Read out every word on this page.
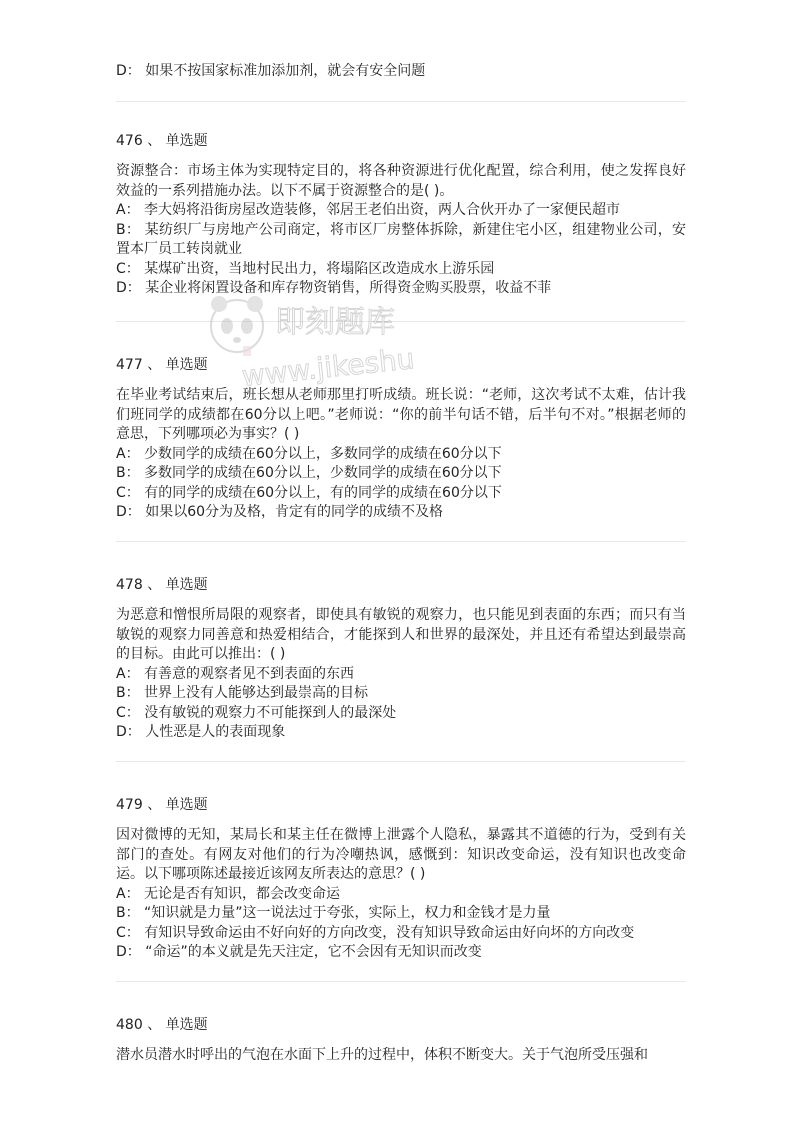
D： 如果不按国家标准加添加剂，就会有安全问题
476 、 单选题

资源整合：市场主体为实现特定目的，将各种资源进行优化配置，综合利用，使之发挥良好效益的一系列措施办法。以下不属于资源整合的是( )。

A： 李大妈将沿街房屋改造装修，邻居王老伯出资，两人合伙开办了一家便民超市

B： 某纺织厂与房地产公司商定，将市区厂房整体拆除，新建住宅小区，组建物业公司，安置本厂员工转岗就业

C： 某煤矿出资，当地村民出力，将塌陷区改造成水上游乐园

D： 某企业将闲置设备和库存物资销售，所得资金购买股票，收益不菲

477 、 单选题

在毕业考试结束后，班长想从老师那里打听成绩。班长说：“老师，这次考试不太难，估计我们班同学的成绩都在60分以上吧。”老师说：“你的前半句话不错，后半句不对。”根据老师的意思，下列哪项必为事实？( )

A： 少数同学的成绩在60分以上，多数同学的成绩在60分以下

B： 多数同学的成绩在60分以上，少数同学的成绩在60分以下

C： 有的同学的成绩在60分以上，有的同学的成绩在60分以下

D： 如果以60分为及格，肯定有的同学的成绩不及格

478 、 单选题

为恶意和憎恨所局限的观察者，即使具有敏锐的观察力，也只能见到表面的东西；而只有当敏锐的观察力同善意和热爱相结合，才能探到人和世界的最深处，并且还有希望达到最崇高的目标。由此可以推出：( )

A： 有善意的观察者见不到表面的东西

B： 世界上没有人能够达到最崇高的目标

C： 没有敏锐的观察力不可能探到人的最深处

D： 人性恶是人的表面现象

479 、 单选题

因对微博的无知，某局长和某主任在微博上泄露个人隐私，暴露其不道德的行为，受到有关部门的查处。有网友对他们的行为冷嘲热讽，感慨到：知识改变命运，没有知识也改变命运。以下哪项陈述最接近该网友所表达的意思？( )

A： 无论是否有知识，都会改变命运

B： “知识就是力量”这一说法过于夸张，实际上，权力和金钱才是力量

C： 有知识导致命运由不好向好的方向改变，没有知识导致命运由好向坏的方向改变

D： “命运”的本义就是先天注定，它不会因有无知识而改变

480 、 单选题

潜水员潜水时呼出的气泡在水面下上升的过程中，体积不断变大。关于气泡所受压强和

即刻题库
www.jikeshu
